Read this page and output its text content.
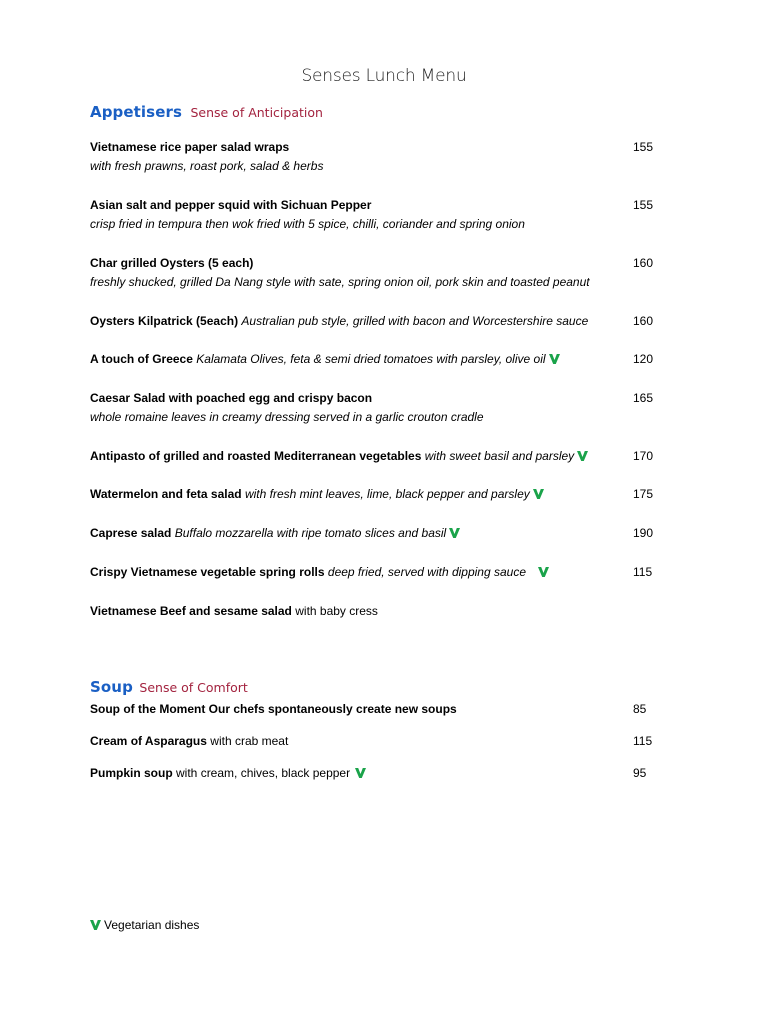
Senses Lunch Menu
Appetisers Sense of Anticipation
Vietnamese rice paper salad wraps
with fresh prawns, roast pork, salad & herbs
155
Asian salt and pepper squid with Sichuan Pepper
crisp fried in tempura then wok fried with 5 spice, chilli, coriander and spring onion
155
Char grilled Oysters (5 each)
freshly shucked, grilled Da Nang style with sate, spring onion oil, pork skin and toasted peanut
160
Oysters Kilpatrick (5each) Australian pub style, grilled with bacon and Worcestershire sauce	160
A touch of Greece Kalamata Olives, feta & semi dried tomatoes with parsley, olive oil	120
Caesar Salad with poached egg and crispy bacon
whole romaine leaves in creamy dressing served in a garlic crouton cradle
165
Antipasto of grilled and roasted Mediterranean vegetables with sweet basil and parsley	170
Watermelon and feta salad with fresh mint leaves, lime, black pepper and parsley	175
Caprese salad Buffalo mozzarella with ripe tomato slices and basil	190
Crispy Vietnamese vegetable spring rolls deep fried, served with dipping sauce	115
Vietnamese Beef and sesame salad with baby cress
Soup Sense of Comfort
Soup of the Moment Our chefs spontaneously create new soups	85
Cream of Asparagus with crab meat	115
Pumpkin soup with cream, chives, black pepper	95
Vegetarian dishes
